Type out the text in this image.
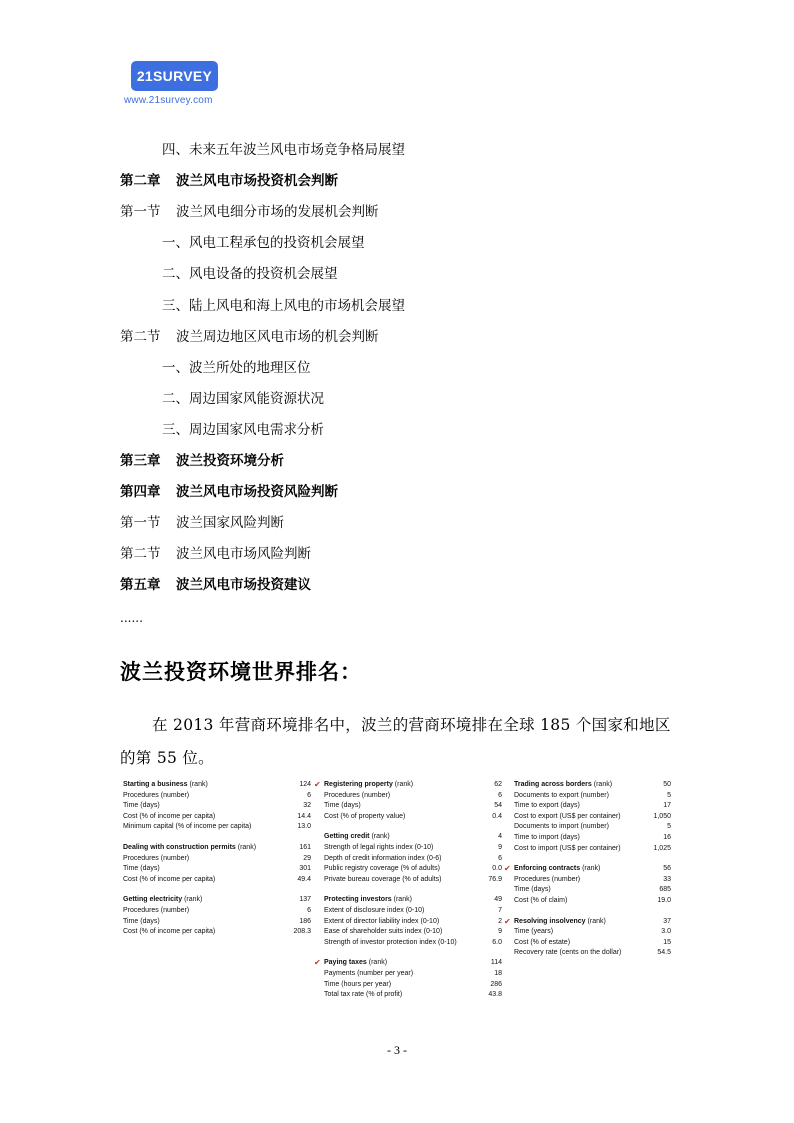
21SURVEY
www.21survey.com
四、未来五年波兰风电市场竞争格局展望
第二章 波兰风电市场投资机会判断
第一节 波兰风电细分市场的发展机会判断
一、风电工程承包的投资机会展望
二、风电设备的投资机会展望
三、陆上风电和海上风电的市场机会展望
第二节 波兰周边地区风电市场的机会判断
一、波兰所处的地理区位
二、周边国家风能资源状况
三、周边国家风电需求分析
第三章 波兰投资环境分析
第四章 波兰风电市场投资风险判断
第一节 波兰国家风险判断
第二节 波兰风电市场风险判断
第五章 波兰风电市场投资建议
......
波兰投资环境世界排名：
在 2013 年营商环境排名中，波兰的营商环境排在全球 185 个国家和地区的第 55 位。
Starting a business (rank)	124
Procedures (number)	6
Time (days)	32
Cost (% of income per capita)	14.4
Minimum capital (% of income per capita)	13.0
Dealing with construction permits (rank)	161
Procedures (number)	29
Time (days)	301
Cost (% of income per capita)	49.4
Getting electricity (rank)	137
Procedures (number)	6
Time (days)	186
Cost (% of income per capita)	208.3
✔ Registering property (rank)	62
Procedures (number)	6
Time (days)	54
Cost (% of property value)	0.4
Getting credit (rank)	4
Strength of legal rights index (0-10)	9
Depth of credit information index (0-6)	6
Public registry coverage (% of adults)	0.0
Private bureau coverage (% of adults)	76.9
Protecting investors (rank)	49
Extent of disclosure index (0-10)	7
Extent of director liability index (0-10)	2
Ease of shareholder suits index (0-10)	9
Strength of investor protection index (0-10)	6.0
✔ Paying taxes (rank)	114
Payments (number per year)	18
Time (hours per year)	286
Total tax rate (% of profit)	43.8
Trading across borders (rank)	50
Documents to export (number)	5
Time to export (days)	17
Cost to export (US$ per container)	1,050
Documents to import (number)	5
Time to import (days)	16
Cost to import (US$ per container)	1,025
✔ Enforcing contracts (rank)	56
Procedures (number)	33
Time (days)	685
Cost (% of claim)	19.0
✔ Resolving insolvency (rank)	37
Time (years)	3.0
Cost (% of estate)	15
Recovery rate (cents on the dollar)	54.5
- 3 -
